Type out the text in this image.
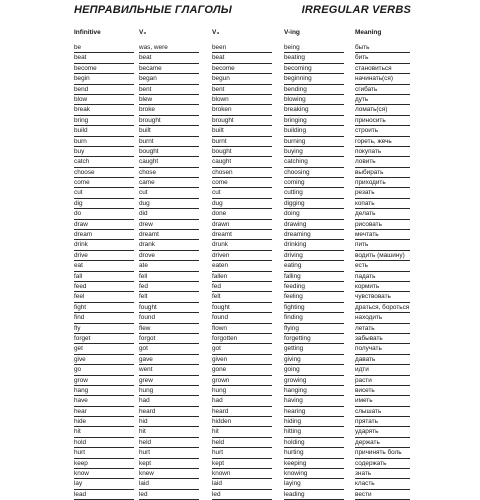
НЕПРАВИЛЬНЫЕ ГЛАГОЛЫ	IRREGULAR VERBS
Infinitive	V₂	V₃	V-ing	Meaning
be	was, were	been	being	быть
beat	beat	beat	beating	бить
become	became	become	becoming	становиться
begin	began	begun	beginning	начинать(ся)
bend	bent	bent	bending	сгибать
blow	blew	blown	blowing	дуть
break	broke	broken	breaking	ломать(ся)
bring	brought	brought	bringing	приносить
build	built	built	building	строить
burn	burnt	burnt	burning	гореть, жечь
buy	bought	bought	buying	покупать
catch	caught	caught	catching	ловить
choose	chose	chosen	choosing	выбирать
come	came	come	coming	приходить
cut	cut	cut	cutting	резать
dig	dug	dug	digging	копать
do	did	done	doing	делать
draw	drew	drawn	drawing	рисовать
dream	dreamt	dreamt	dreaming	мечтать
drink	drank	drunk	drinking	пить
drive	drove	driven	driving	водить (машину)
eat	ate	eaten	eating	есть
fall	fell	fallen	falling	падать
feed	fed	fed	feeding	кормить
feel	felt	felt	feeling	чувствовать
fight	fought	fought	fighting	драться, бороться
find	found	found	finding	находить
fly	flew	flown	flying	летать
forget	forgot	forgotten	forgetting	забывать
get	got	got	getting	получать
give	gave	given	giving	давать
go	went	gone	going	идти
grow	grew	grown	growing	расти
hang	hung	hung	hanging	висеть
have	had	had	having	иметь
hear	heard	heard	hearing	слышать
hide	hid	hidden	hiding	прятать
hit	hit	hit	hitting	ударять
hold	held	held	holding	держать
hurt	hurt	hurt	hurting	причинять боль
keep	kept	kept	keeping	содержать
know	knew	known	knowing	знать
lay	laid	laid	laying	класть
lead	led	led	leading	вести
